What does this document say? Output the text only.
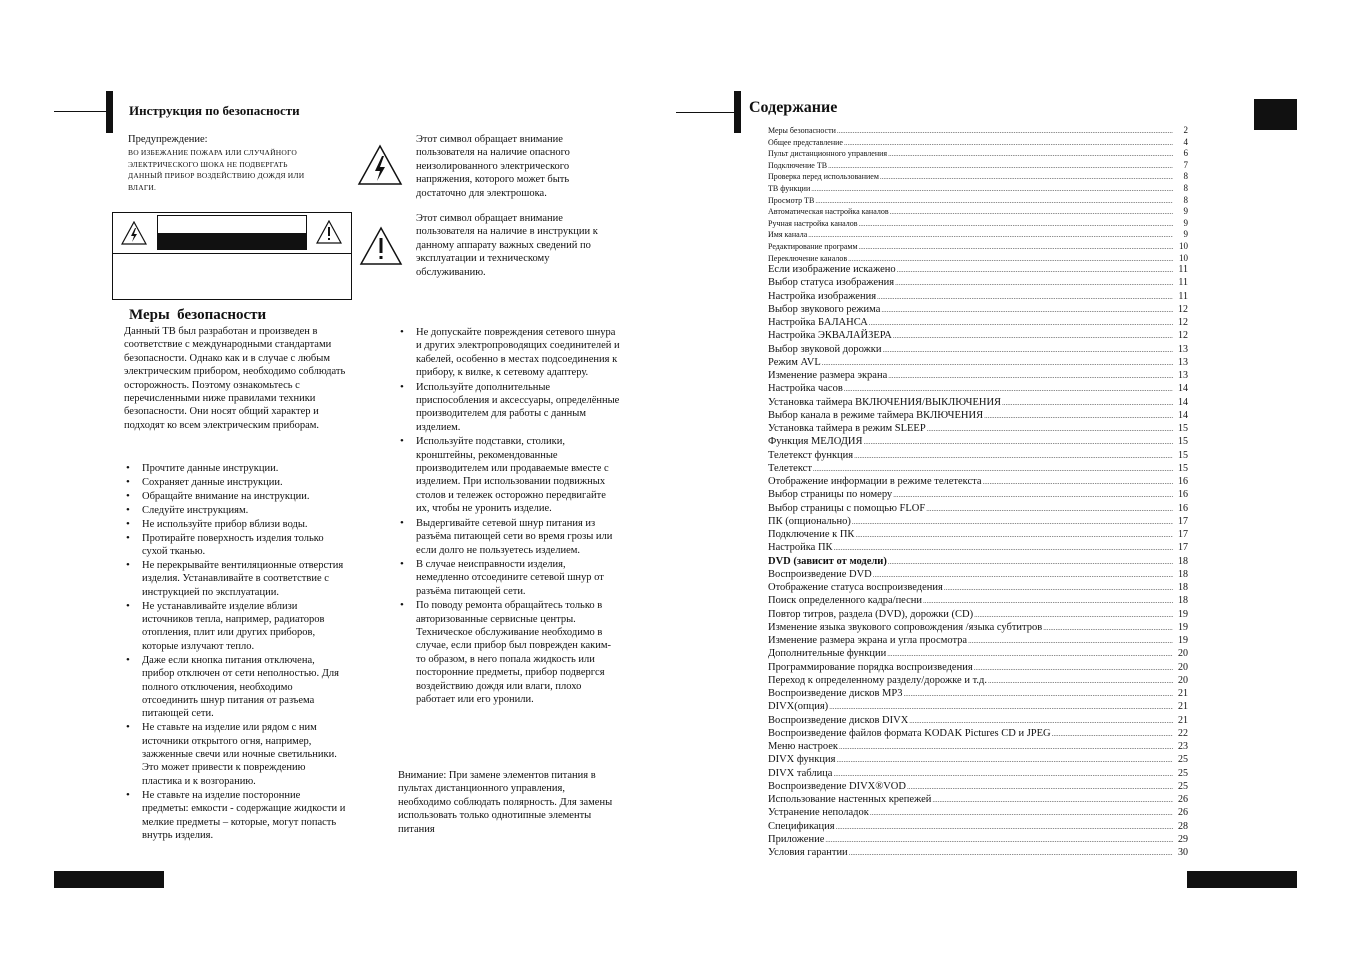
Инструкция по безопасности
Предупреждение:
ВО ИЗБЕЖАНИЕ ПОЖАРА ИЛИ СЛУЧАЙНОГО ЭЛЕКТРИЧЕСКОГО ШОКА НЕ ПОДВЕРГАТЬ ДАННЫЙ ПРИБОР ВОЗДЕЙСТВИЮ ДОЖДЯ ИЛИ ВЛАГИ.
Этот символ обращает внимание пользователя на наличие опасного неизолированного электрического напряжения, которого может быть достаточно для электрошока.
Этот символ обращает внимание пользователя на наличие в инструкции к данному аппарату важных сведений по эксплуатации и техническому обслуживанию.
Меры  безопасности
Данный ТВ был разработан и произведен в соответствие с международными стандартами безопасности. Однако как и в случае с любым электрическим прибором, необходимо соблюдать осторожность. Поэтому ознакомьтесь с перечисленными ниже правилами техники безопасности. Они носят общий характер и подходят ко всем электрическим приборам.
• Прочтите данные инструкции.
• Сохраняет данные инструкции.
• Обращайте внимание на инструкции.
• Следуйте инструкциям.
• Не используйте прибор вблизи воды.
• Протирайте поверхность изделия только сухой тканью.
• Не перекрывайте вентиляционные отверстия изделия. Устанавливайте в соответствие с инструкцией по эксплуатации.
• Не устанавливайте изделие вблизи источников тепла, например, радиаторов отопления, плит или других приборов, которые излучают тепло.
• Даже если кнопка питания отключена, прибор отключен от сети неполностью. Для полного отключения, необходимо отсоединить шнур питания от разъема питающей сети.
• Не ставьте на изделие или рядом с ним источники открытого огня, например, зажженные свечи или ночные светильники. Это может привести к повреждению пластика и к возгоранию.
• Не ставьте на изделие посторонние предметы: емкости - содержащие жидкости и мелкие предметы – которые, могут попасть внутрь изделия.
• Не допускайте повреждения сетевого шнура и других электропроводящих соединителей и кабелей, особенно в местах подсоединения к прибору, к вилке, к сетевому адаптеру.
• Используйте дополнительные приспособления и аксессуары, определённые производителем для работы с данным изделием.
• Используйте подставки, столики, кронштейны, рекомендованные производителем или продаваемые вместе с изделием. При использовании подвижных столов и тележек осторожно передвигайте их, чтобы не уронить изделие.
• Выдергивайте сетевой шнур питания из разъёма питающей сети во время грозы или если долго не пользуетесь изделием.
• В случае неисправности изделия, немедленно отсоедините сетевой шнур от разъёма питающей сети.
• По поводу ремонта обращайтесь только в авторизованные сервисные центры. Техническое обслуживание необходимо в случае, если прибор был поврежден каким-то образом, в него попала жидкость или посторонние предметы, прибор подвергся воздействию дождя или влаги, плохо работает или его уронили.
Внимание: При замене элементов питания в пультах дистанционного управления, необходимо соблюдать полярность. Для замены использовать только однотипные элементы питания
Содержание
Меры безопасности .....	2
Общее представление .....	4
Пульт дистанционного управления .....	6
Подключение ТВ .....	7
Проверка перед использованием .....	8
ТВ функции .....	8
Просмотр ТВ .....	8
Автоматическая настройка каналов .....	9
Ручная настройка каналов .....	9
Имя канала .....	9
Редактирование программ .....	10
Переключение каналов .....	10
Если изображение искажено .....	11
Выбор статуса изображения .....	11
Настройка изображения .....	11
Выбор звукового режима .....	12
Настройка БАЛАНСА .....	12
Настройка ЭКВАЛАЙЗЕРА .....	12
Выбор звуковой дорожки .....	13
Режим AVL .....	13
Изменение размера экрана .....	13
Настройка часов .....	14
Установка таймера ВКЛЮЧЕНИЯ/ВЫКЛЮЧЕНИЯ .....	14
Выбор канала в режиме таймера ВКЛЮЧЕНИЯ .....	14
Установка таймера в режим SLEEP .....	15
Функция МЕЛОДИЯ .....	15
Телетекст функция .....	15
Телетекст .....	15
Отображение информации в режиме телетекста .....	16
Выбор страницы по номеру .....	16
Выбор страницы с помощью FLOF .....	16
ПК (опционально) .....	17
Подключение к ПК .....	17
Настройка ПК .....	17
DVD (зависит от модели) .....	18
Воспроизведение DVD .....	18
Отображение статуса воспроизведения .....	18
Поиск определенного кадра/песни .....	18
Повтор титров, раздела (DVD), дорожки (CD) .....	19
Изменение языка звукового сопровождения /языка субтитров .....	19
Изменение размера экрана и угла просмотра .....	19
Дополнительные функции .....	20
Программирование порядка воспроизведения .....	20
Переход к определенному разделу/дорожке и т.д. .....	20
Воспроизведение дисков MP3 .....	21
DIVX(опция) .....	21
Воспроизведение дисков DIVX .....	21
Воспроизведение файлов формата KODAK Pictures CD и JPEG .....	22
Меню настроек .....	23
DIVX функция .....	25
DIVX таблица .....	25
Воспроизведение DIVX®VOD .....	25
Использование настенных крепежей .....	26
Устранение неполадок .....	26
Спецификация .....	28
Приложение .....	29
Условия гарантии .....	30
